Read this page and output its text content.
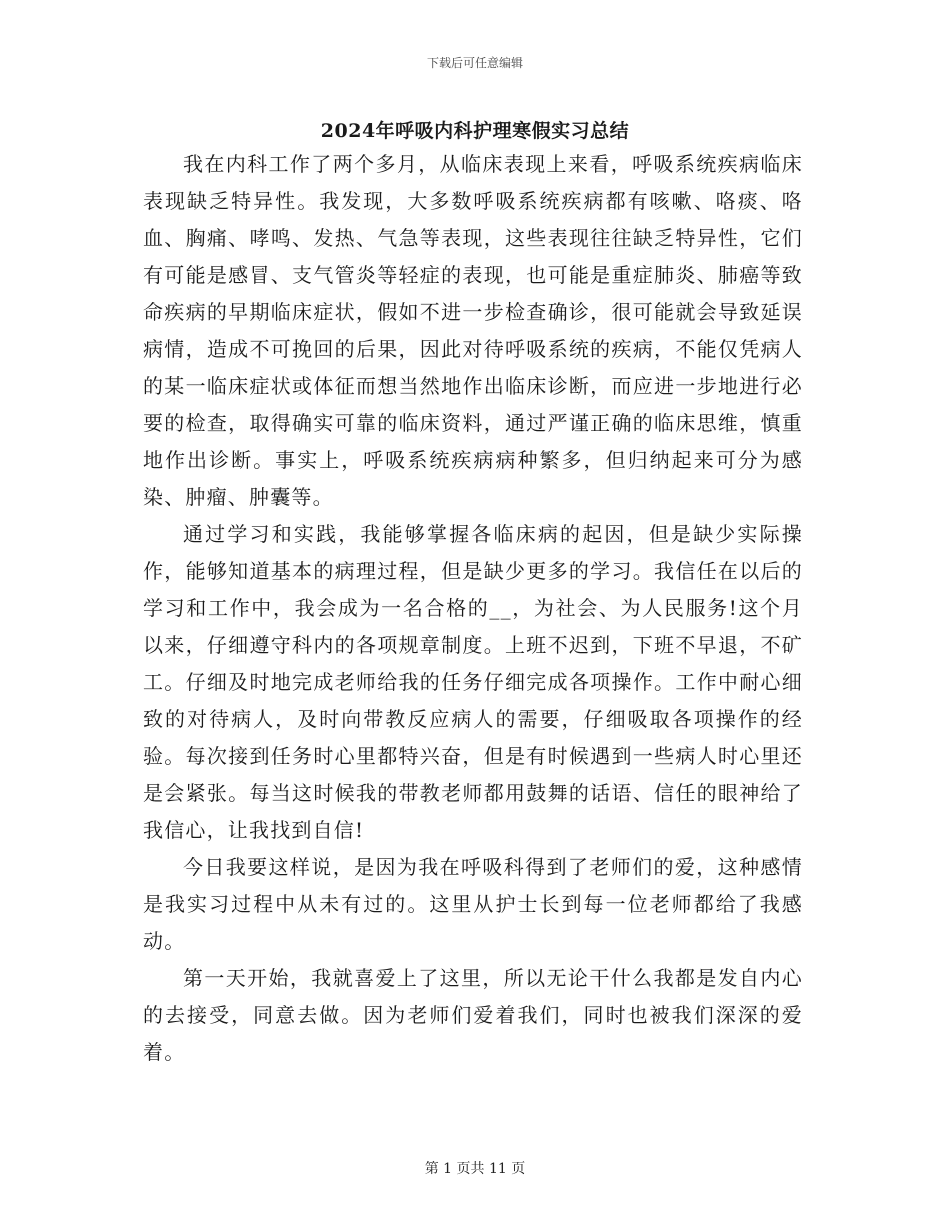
下载后可任意编辑
2024年呼吸内科护理寒假实习总结

我在内科工作了两个多月，从临床表现上来看，呼吸系统疾病临床表现缺乏特异性。我发现，大多数呼吸系统疾病都有咳嗽、咯痰、咯血、胸痛、哮鸣、发热、气急等表现，这些表现往往缺乏特异性，它们有可能是感冒、支气管炎等轻症的表现，也可能是重症肺炎、肺癌等致命疾病的早期临床症状，假如不进一步检查确诊，很可能就会导致延误病情，造成不可挽回的后果，因此对待呼吸系统的疾病，不能仅凭病人的某一临床症状或体征而想当然地作出临床诊断，而应进一步地进行必要的检查，取得确实可靠的临床资料，通过严谨正确的临床思维，慎重地作出诊断。事实上，呼吸系统疾病病种繁多，但归纳起来可分为感染、肿瘤、肿囊等。

通过学习和实践，我能够掌握各临床病的起因，但是缺少实际操作，能够知道基本的病理过程，但是缺少更多的学习。我信任在以后的学习和工作中，我会成为一名合格的__，为社会、为人民服务!这个月以来，仔细遵守科内的各项规章制度。上班不迟到，下班不早退，不矿工。仔细及时地完成老师给我的任务仔细完成各项操作。工作中耐心细致的对待病人，及时向带教反应病人的需要，仔细吸取各项操作的经验。每次接到任务时心里都特兴奋，但是有时候遇到一些病人时心里还是会紧张。每当这时候我的带教老师都用鼓舞的话语、信任的眼神给了我信心，让我找到自信!

今日我要这样说，是因为我在呼吸科得到了老师们的爱，这种感情是我实习过程中从未有过的。这里从护士长到每一位老师都给了我感动。

第一天开始，我就喜爱上了这里，所以无论干什么我都是发自内心的去接受，同意去做。因为老师们爱着我们，同时也被我们深深的爱着。

第 1 页共 11 页
